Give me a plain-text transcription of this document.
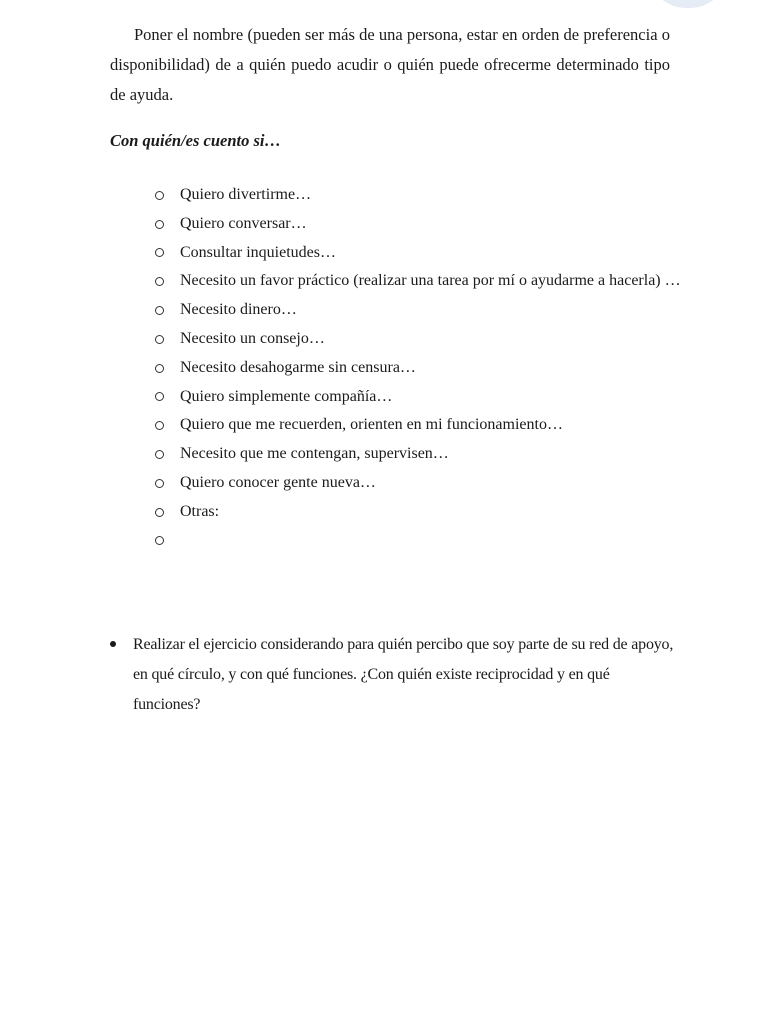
Poner el nombre (pueden ser más de una persona, estar en orden de preferencia o disponibilidad) de a quién puedo acudir o quién puede ofrecerme determinado tipo de ayuda.

Con quién/es cuento si…

Quiero divertirme…
Quiero conversar…
Consultar inquietudes…
Necesito un favor práctico (realizar una tarea por mí o ayudarme a hacerla) …
Necesito dinero…
Necesito un consejo…
Necesito desahogarme sin censura…
Quiero simplemente compañía…
Quiero que me recuerden, orienten en mi funcionamiento…
Necesito que me contengan, supervisen…
Quiero conocer gente nueva…
Otras:

Realizar el ejercicio considerando para quién percibo que soy parte de su red de apoyo, en qué círculo, y con qué funciones. ¿Con quién existe reciprocidad y en qué funciones?
